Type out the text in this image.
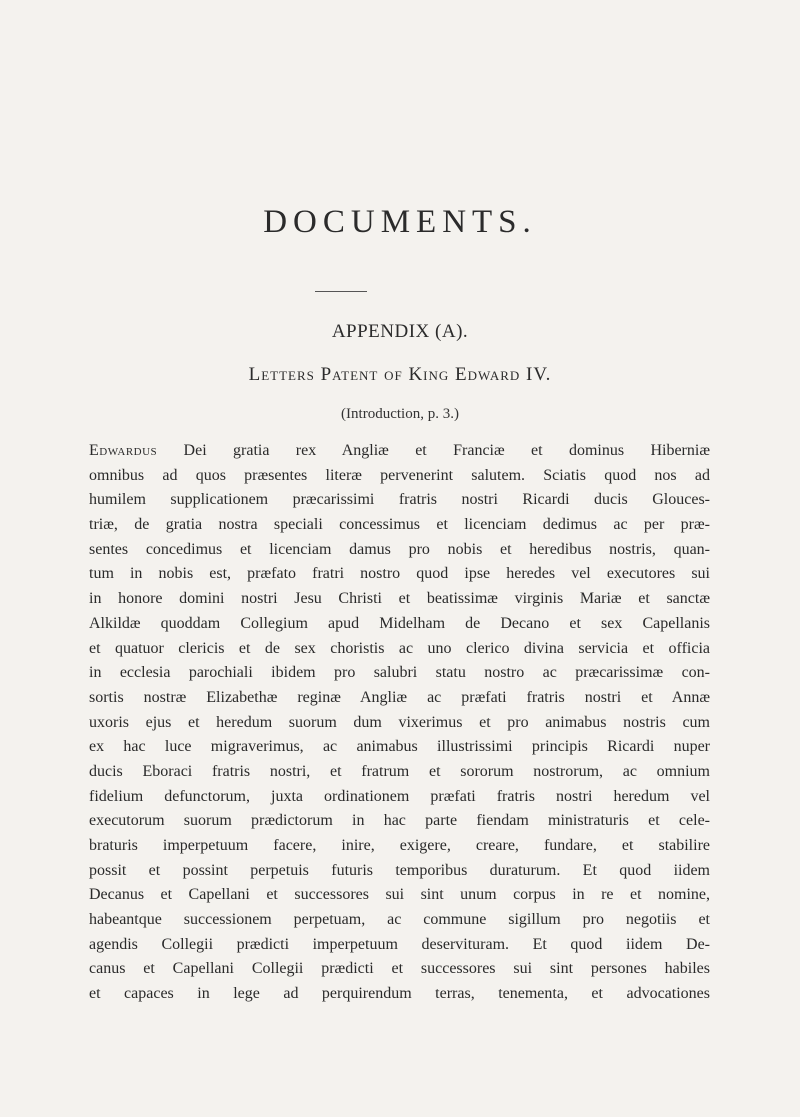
DOCUMENTS.
APPENDIX (A).
Letters Patent of King Edward IV.
(Introduction, p. 3.)
Edwardus Dei gratia rex Angliæ et Franciæ et dominus Hiberniæ
omnibus ad quos præsentes literæ pervenerint salutem. Sciatis quod nos ad
humilem supplicationem præcarissimi fratris nostri Ricardi ducis Glouces-
triæ, de gratia nostra speciali concessimus et licenciam dedimus ac per præ-
sentes concedimus et licenciam damus pro nobis et heredibus nostris, quan-
tum in nobis est, præfato fratri nostro quod ipse heredes vel executores sui
in honore domini nostri Jesu Christi et beatissimæ virginis Mariæ et sanctæ
Alkildæ quoddam Collegium apud Midelham de Decano et sex Capellanis
et quatuor clericis et de sex choristis ac uno clerico divina servicia et officia
in ecclesia parochiali ibidem pro salubri statu nostro ac præcarissimæ con-
sortis nostræ Elizabethæ reginæ Angliæ ac præfati fratris nostri et Annæ
uxoris ejus et heredum suorum dum vixerimus et pro animabus nostris cum
ex hac luce migraverimus, ac animabus illustrissimi principis Ricardi nuper
ducis Eboraci fratris nostri, et fratrum et sororum nostrorum, ac omnium
fidelium defunctorum, juxta ordinationem præfati fratris nostri heredum vel
executorum suorum prædictorum in hac parte fiendam ministraturis et cele-
braturis imperpetuum facere, inire, exigere, creare, fundare, et stabilire
possit et possint perpetuis futuris temporibus duraturum. Et quod iidem
Decanus et Capellani et successores sui sint unum corpus in re et nomine,
habeantque successionem perpetuam, ac commune sigillum pro negotiis et
agendis Collegii prædicti imperpetuum deservituram. Et quod iidem De-
canus et Capellani Collegii prædicti et successores sui sint persones habiles
et capaces in lege ad perquirendum terras, tenementa, et advocationes
